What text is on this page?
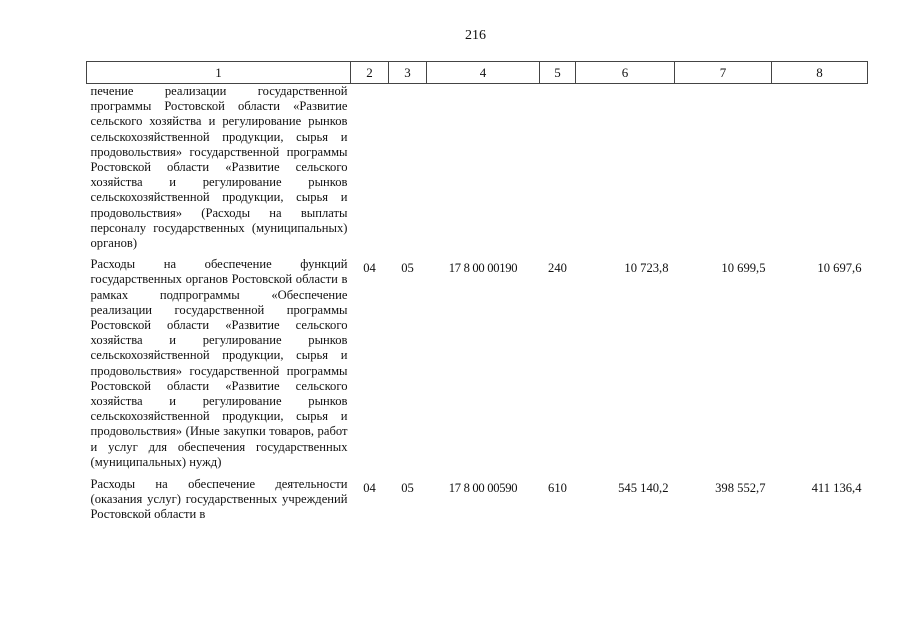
216
1	2	3	4	5	6	7	8
печение реализации государственной программы Ростовской области «Развитие сельского хозяйства и регулирование рынков сельскохозяйственной продукции, сырья и продовольствия» государственной программы Ростовской области «Развитие сельского хозяйства и регулирование рынков сельскохозяйственной продукции, сырья и продовольствия» (Расходы на выплаты персоналу государственных (муниципальных) органов)							
Расходы на обеспечение функций государственных органов Ростовской области в рамках подпрограммы «Обеспечение реализации государственной программы Ростовской области «Развитие сельского хозяйства и регулирование рынков сельскохозяйственной продукции, сырья и продовольствия» государственной программы Ростовской области «Развитие сельского хозяйства и регулирование рынков сельскохозяйственной продукции, сырья и продовольствия» (Иные закупки товаров, работ и услуг для обеспечения государственных (муниципальных) нужд)	04	05	17 8 00 00190	240	10 723,8	10 699,5	10 697,6
Расходы на обеспечение деятельности (оказания услуг) государственных учреждений Ростовской области в	04	05	17 8 00 00590	610	545 140,2	398 552,7	411 136,4
